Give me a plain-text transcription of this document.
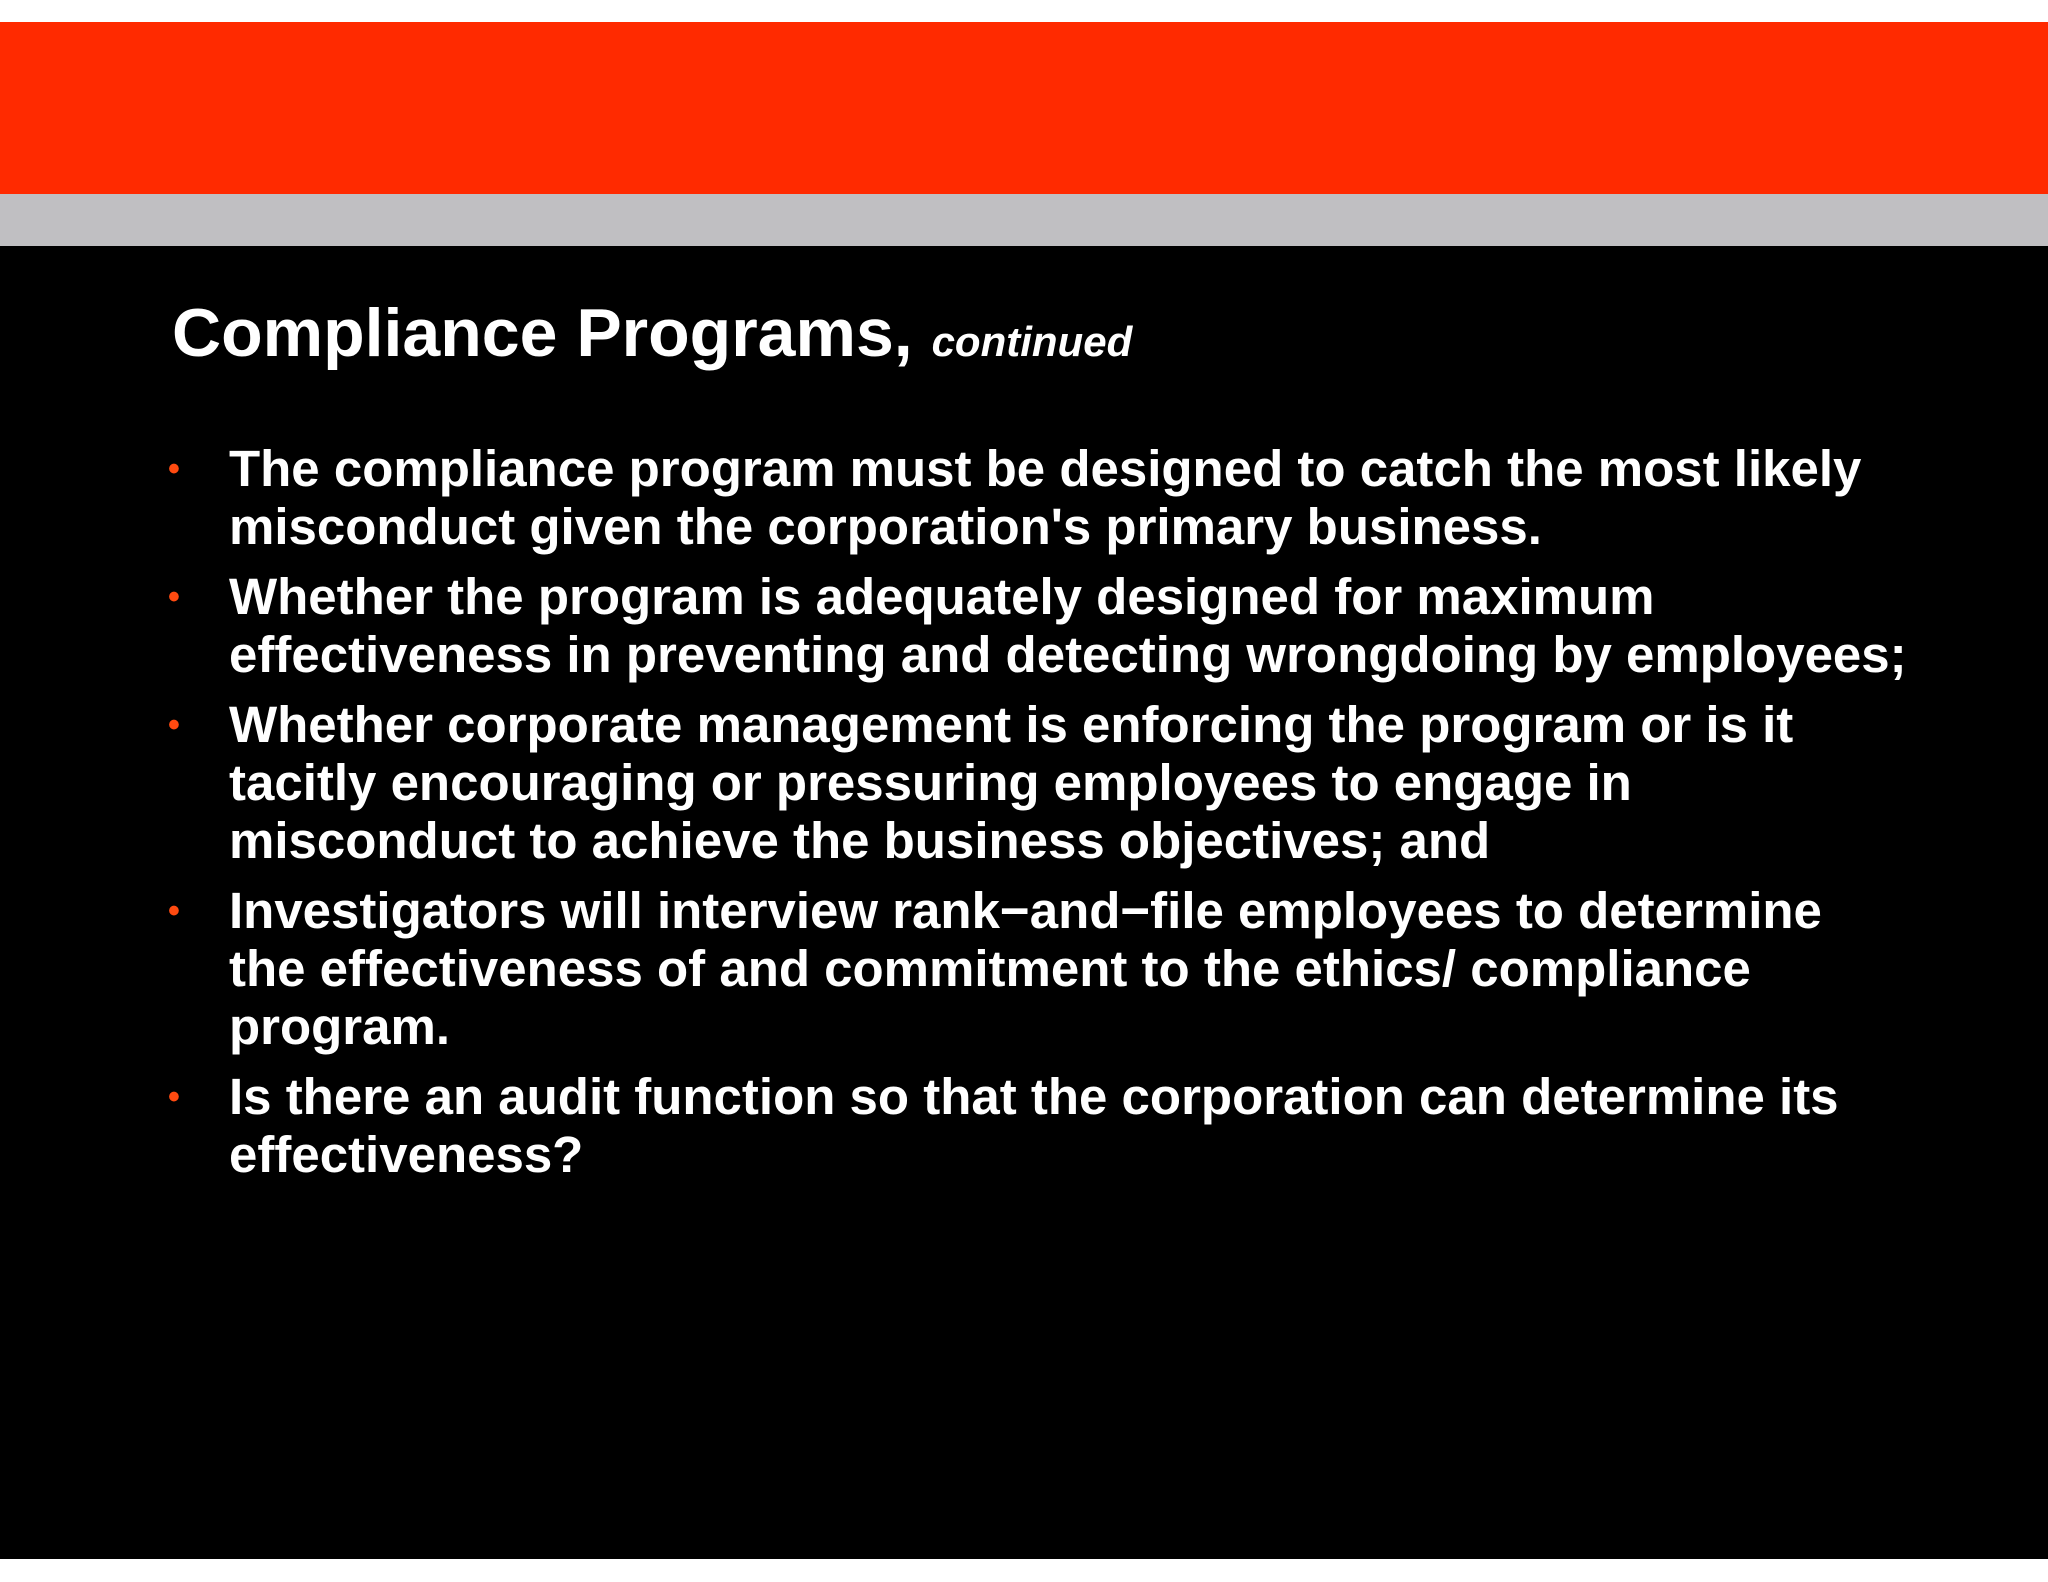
Compliance Programs, continued
• The compliance program must be designed to catch the most likely misconduct given the corporation's primary business.
• Whether the program is adequately designed for maximum effectiveness in preventing and detecting wrongdoing by employees;
• Whether corporate management is enforcing the program or is it tacitly encouraging or pressuring employees to engage in misconduct to achieve the business objectives; and
• Investigators will interview rank−and−file employees to determine the effectiveness of and commitment to the ethics/ compliance program.
• Is there an audit function so that the corporation can determine its effectiveness?
